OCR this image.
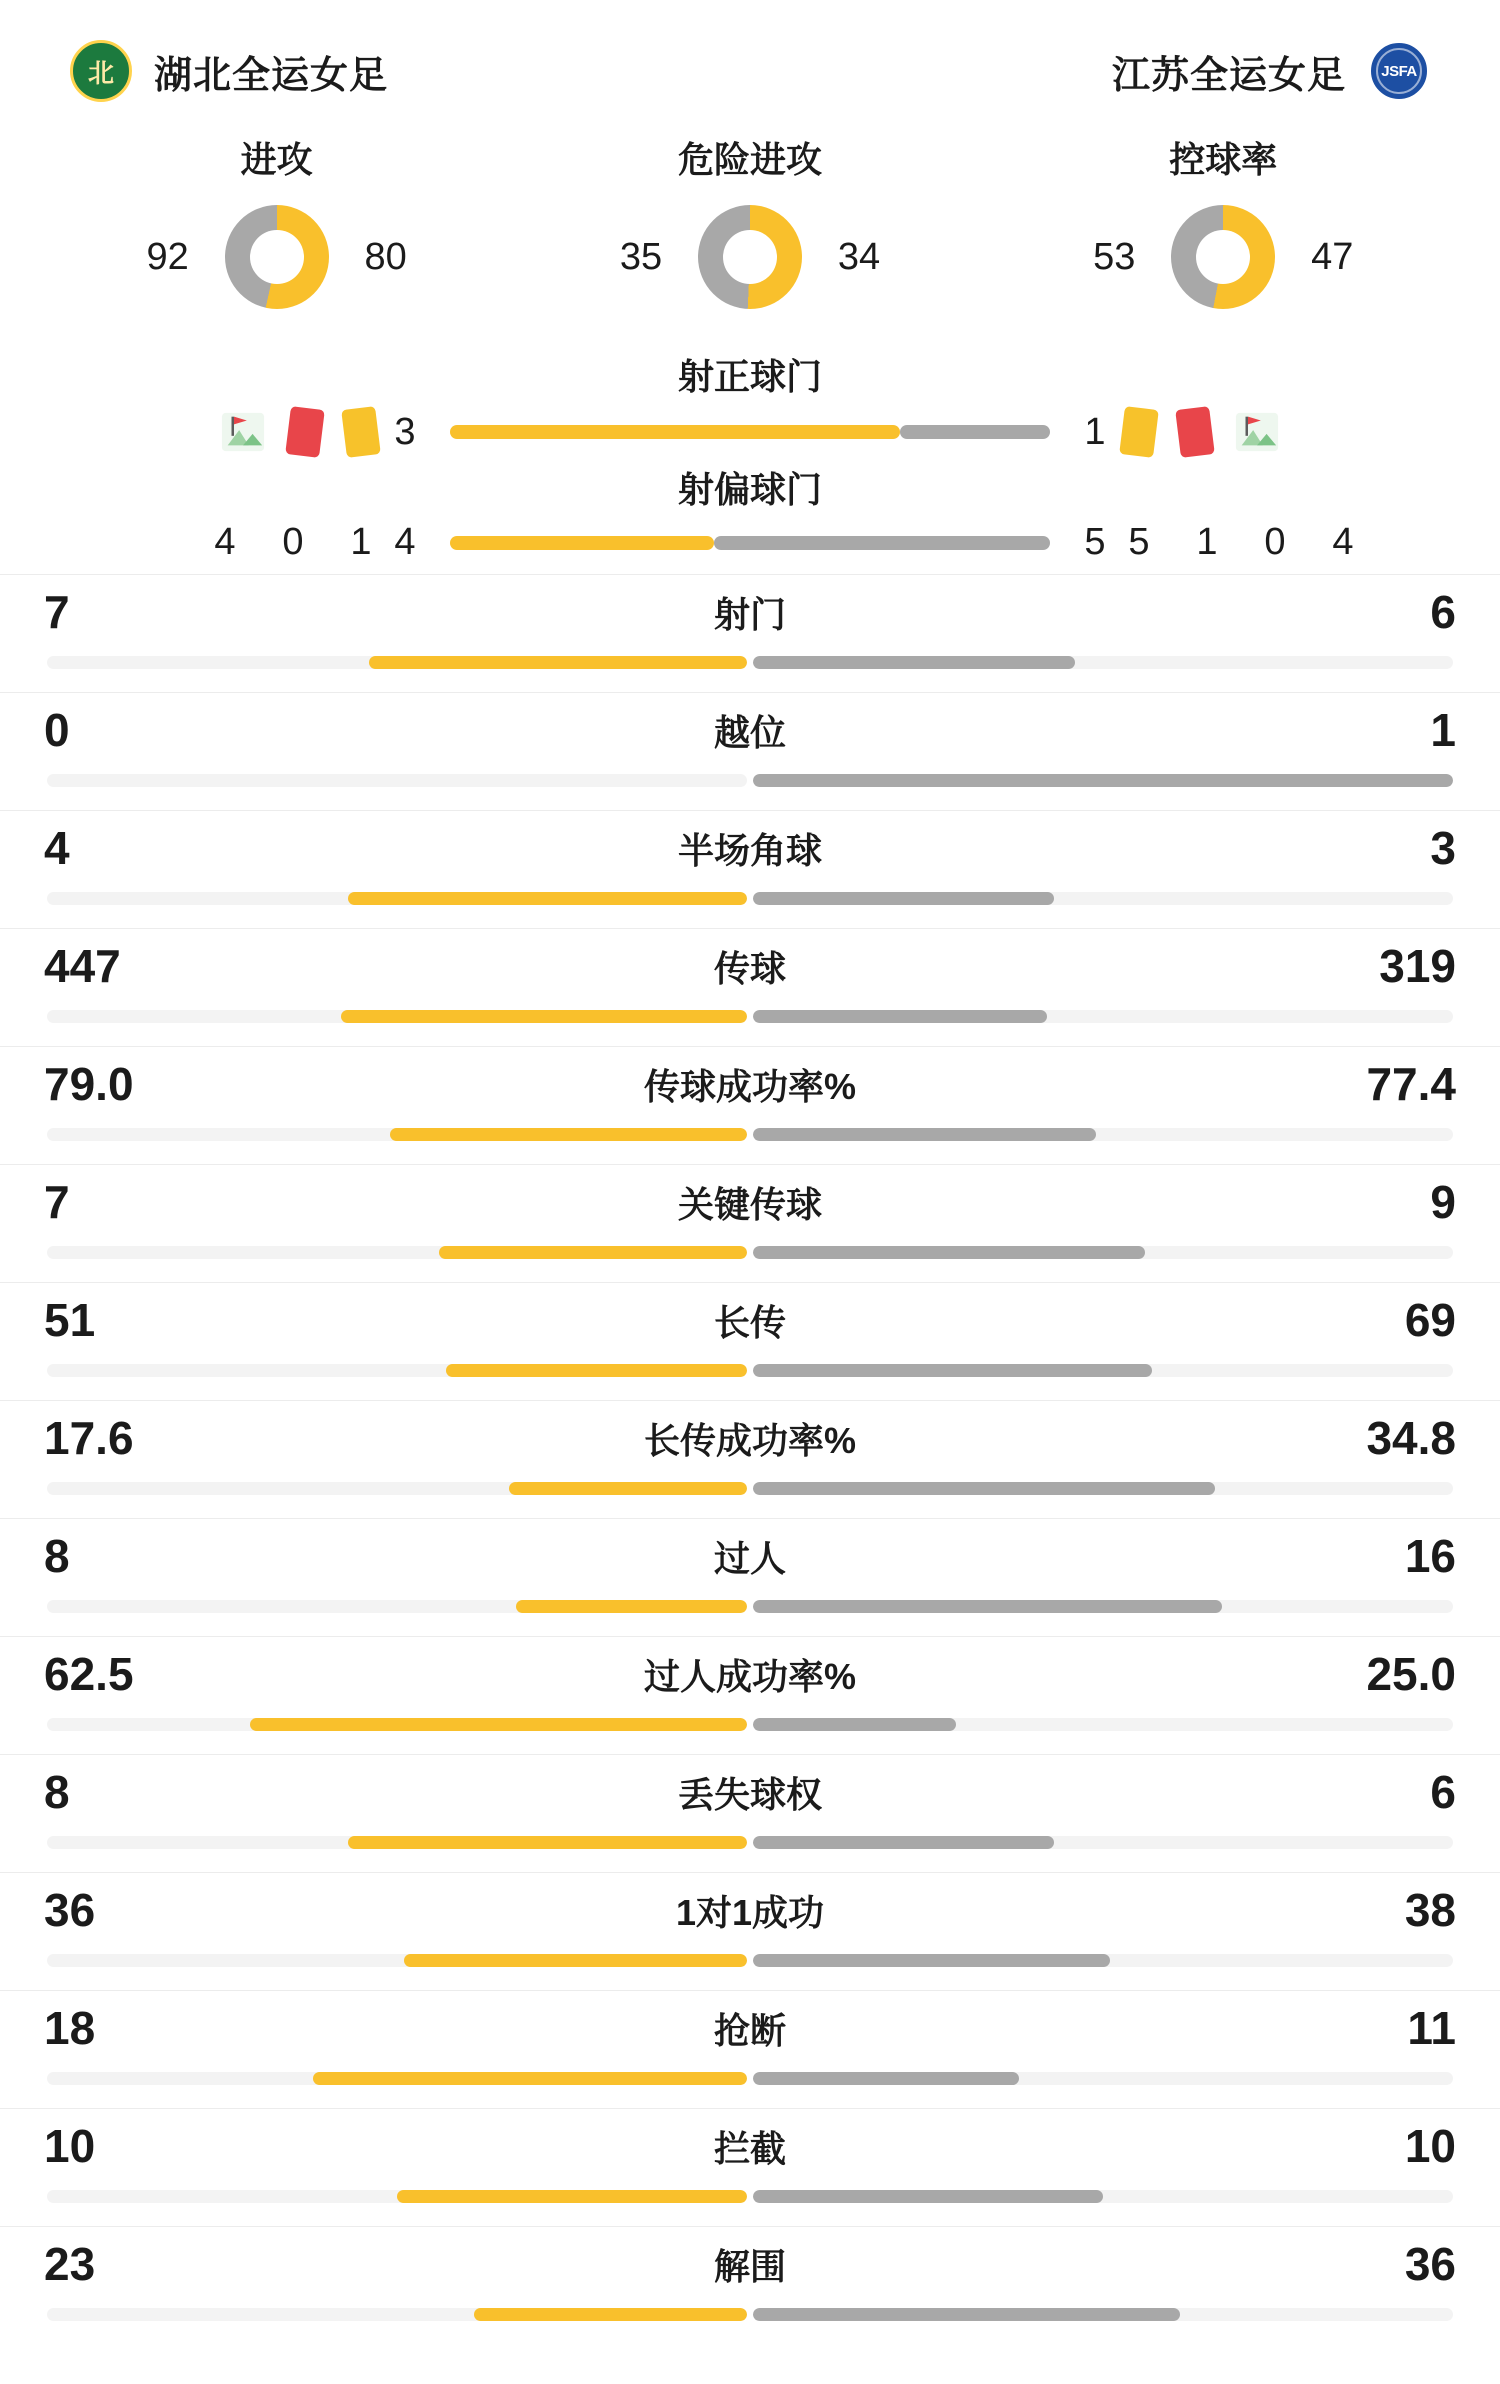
北 湖北全运女足	江苏全运女足 JSFA
进攻
92	80
危险进攻
35	34
控球率
53	47
射正球门
3	1
射偏球门
4 0 1 4	5 5 1 0 4
7	射门	6
0	越位	1
4	半场角球	3
447	传球	319
79.0	传球成功率%	77.4
7	关键传球	9
51	长传	69
17.6	长传成功率%	34.8
8	过人	16
62.5	过人成功率%	25.0
8	丢失球权	6
36	1对1成功	38
18	抢断	11
10	拦截	10
23	解围	36
